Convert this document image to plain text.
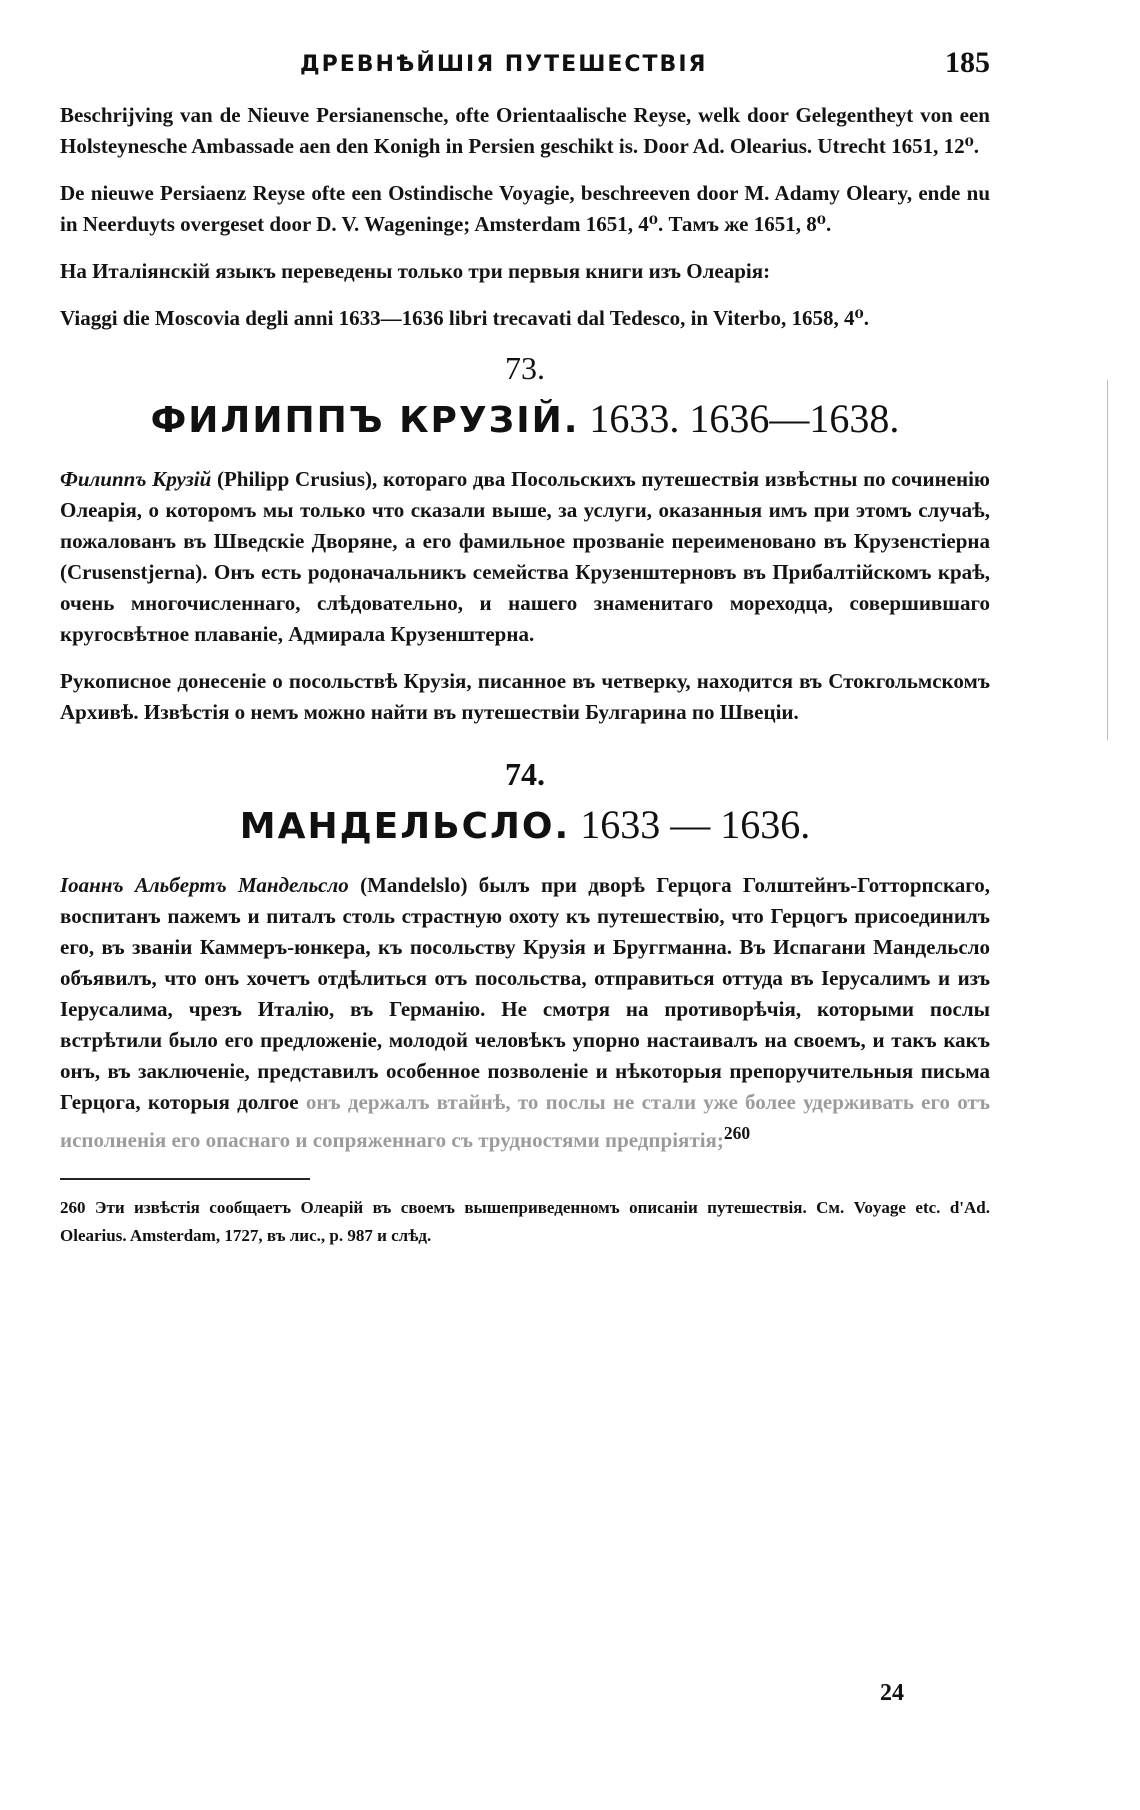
ДРЕВНѢЙШІЯ ПУТЕШЕСТВІЯ	185

Beschrijving van de Nieuve Persianensche, ofte Orientaalische Reyse, welk door Gelegentheyt von een Holsteynesche Ambassade aen den Konigh in Persien geschikt is. Door Ad. Olearius. Utrecht 1651, 12⁰.

De nieuwe Persiaenz Reyse ofte een Ostindische Voyagie, beschreeven door M. Adamy Oleary, ende nu in Neerduyts overgeset door D. V. Wageninge; Amsterdam 1651, 4⁰. Тамъ же 1651, 8⁰.

На Италіянскій языкъ переведены только три первыя книги изъ Олеарія:

Viaggi die Moscovia degli anni 1633—1636 libri trecavati dal Tedesco, in Viterbo, 1658, 4⁰.

73.
ФИЛИППЪ КРУЗІЙ. 1633. 1636—1638.

Филиппъ Крузій (Philipp Crusius), котораго два Посольскихъ путешествія извѣстны по сочиненію Олеарія, о которомъ мы только что сказали выше, за услуги, оказанныя имъ при этомъ случаѣ, пожалованъ въ Шведскіе Дворяне, а его фамильное прозваніе переименовано въ Крузенстіерна (Crusenstjerna). Онъ есть родоначальникъ семейства Крузенштерновъ въ Прибалтійскомъ краѣ, очень многочисленнаго, слѣдовательно, и нашего знаменитаго мореходца, совершившаго кругосвѣтное плаваніе, Адмирала Крузенштерна.

Рукописное донесеніе о посольствѣ Крузія, писанное въ четверку, находится въ Стокгольмскомъ Архивѣ. Извѣстія о немъ можно найти въ путешествіи Булгарина по Швеціи.

74.
МАНДЕЛЬСЛО. 1633 — 1636.

Іоаннъ Альбертъ Мандельсло (Mandelslo) былъ при дворѣ Герцога Голштейнъ-Готторпскаго, воспитанъ пажемъ и питалъ столь страстную охоту къ путешествію, что Герцогъ присоединилъ его, въ званіи Каммеръ-юнкера, къ посольству Крузія и Бруггманна. Въ Испагани Мандельсло объявилъ, что онъ хочетъ отдѣлиться отъ посольства, отправиться оттуда въ Іерусалимъ и изъ Іерусалима, чрезъ Италію, въ Германію. Не смотря на противорѣчія, которыми послы встрѣтили было его предложеніе, молодой человѣкъ упорно настаивалъ на своемъ, и такъ какъ онъ, въ заключеніе, представилъ особенное позволеніе и нѣкоторыя препоручительныя письма Герцога, которыя долгое онъ держалъ втайнѣ, то послы не стали уже более удерживать его отъ исполненія его опаснаго и сопряженнаго съ трудностями предпріятія;$^{260}$

260 Эти извѣстія сообщаетъ Олеарій въ своемъ вышеприведенномъ описаніи путешествія. См. Voyage etc. d'Ad. Olearius. Amsterdam, 1727, въ лис., p. 987 и слѣд.

24
